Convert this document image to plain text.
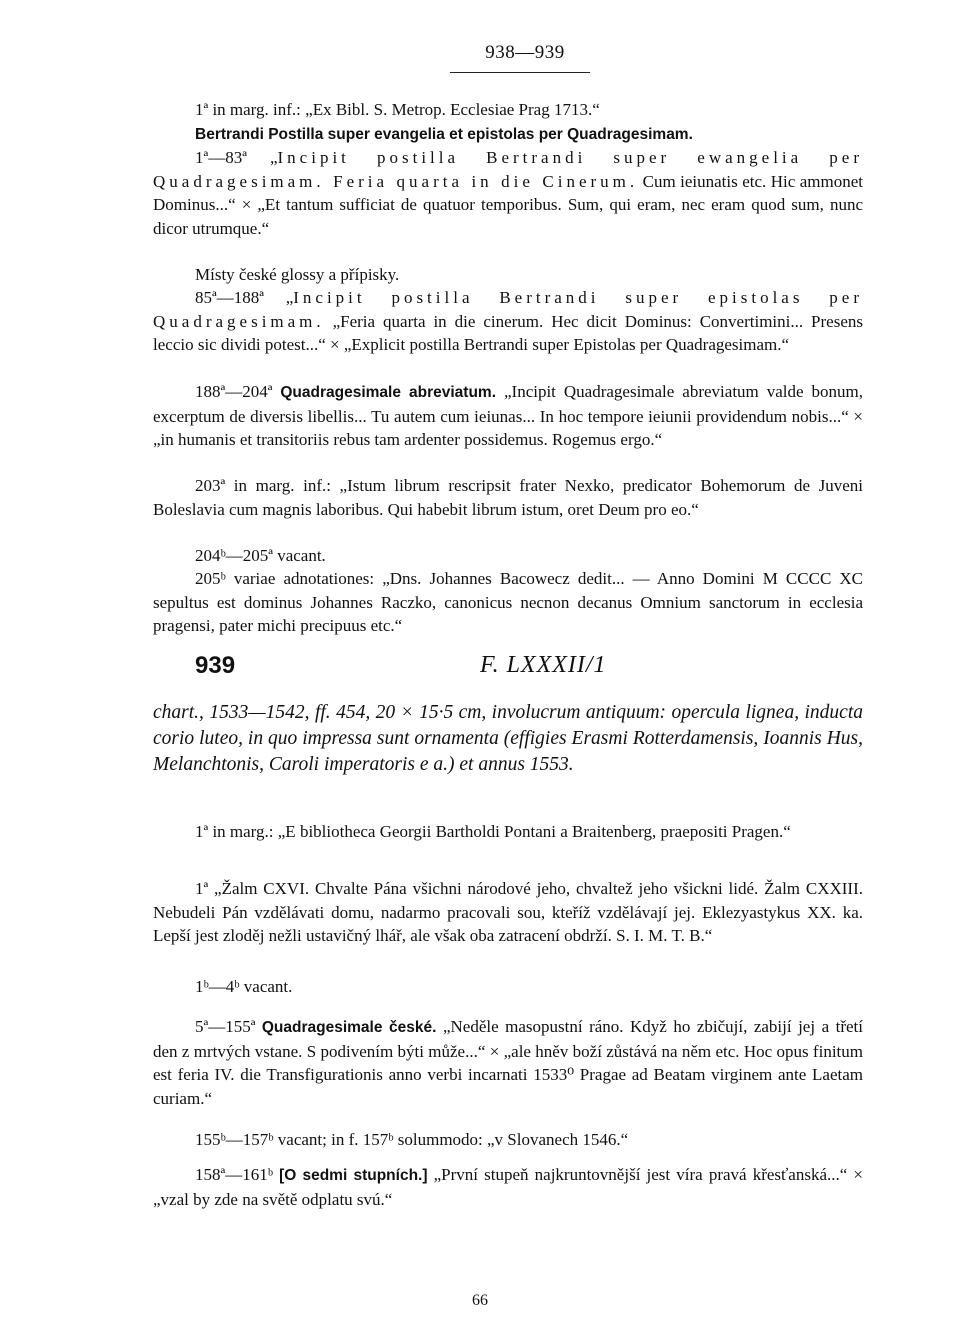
938—939
1ª in marg. inf.: „Ex Bibl. S. Metrop. Ecclesiae Prag 1713.“
Bertrandi Postilla super evangelia et epistolas per Quadragesimam.
1ª—83ª „Incipit postilla Bertrandi super ewangelia per Quadragesimam. Feria quarta in die Cinerum. Cum ieiunatis etc. Hic ammonet Dominus...“ × „Et tantum sufficiat de quatuor temporibus. Sum, qui eram, nec eram quod sum, nunc dicor utrumque.“
Místy české glossy a přípisky.
85ª—188ª „Incipit postilla Bertrandi super epistolas per Quadragesimam. „Feria quarta in die cinerum. Hec dicit Dominus: Convertimini... Presens leccio sic dividi potest...“ × „Explicit postilla Bertrandi super Epistolas per Quadragesimam.“
188ª—204ª Quadragesimale abreviatum. „Incipit Quadragesimale abreviatum valde bonum, excerptum de diversis libellis... Tu autem cum ieiunas... In hoc tempore ieiunii providendum nobis...“ × „in humanis et transitoriis rebus tam ardenter possidemus. Rogemus ergo.“
203ª in marg. inf.: „Istum librum rescripsit frater Nexko, predicator Bohemorum de Juveni Boleslavia cum magnis laboribus. Qui habebit librum istum, oret Deum pro eo.“
204ᵇ—205ª vacant.
205ᵇ variae adnotationes: „Dns. Johannes Bacowecz dedit... — Anno Domini M CCCC XC sepultus est dominus Johannes Raczko, canonicus necnon decanus Omnium sanctorum in ecclesia pragensi, pater michi precipuus etc.“
939	F. LXXXII/1
chart., 1533—1542, ff. 454, 20 × 15·5 cm, involucrum antiquum: opercula lignea, inducta corio luteo, in quo impressa sunt ornamenta (effigies Erasmi Rotterdamensis, Ioannis Hus, Melanchtonis, Caroli imperatoris e a.) et annus 1553.
1ª in marg.: „E bibliotheca Georgii Bartholdi Pontani a Braitenberg, praepositi Pragen.“
1ª „Žalm CXVI. Chvalte Pána všichni národové jeho, chvaltež jeho všickni lidé. Žalm CXXIII. Nebudeli Pán vzdělávati domu, nadarmo pracovali sou, kteříž vzdělávají jej. Eklezyastykus XX. ka. Lepší jest zloděj nežli ustavičný lhář, ale však oba zatracení obdrží. S. I. M. T. B.“
1ᵇ—4ᵇ vacant.
5ª—155ª Quadragesimale české. „Neděle masopustní ráno. Když ho zbičují, zabijí jej a třetí den z mrtvých vstane. S podivením býti může...“ × „ale hněv boží zůstává na něm etc. Hoc opus finitum est feria IV. die Transfigurationis anno verbi incarnati 1533⁰ Pragae ad Beatam virginem ante Laetam curiam.“
155ᵇ—157ᵇ vacant; in f. 157ᵇ solummodo: „v Slovanech 1546.“
158ª—161ᵇ [O sedmi stupních.] „První stupeň najkruntovnější jest víra pravá křesťanská...“ × „vzal by zde na světě odplatu svú.“
66
